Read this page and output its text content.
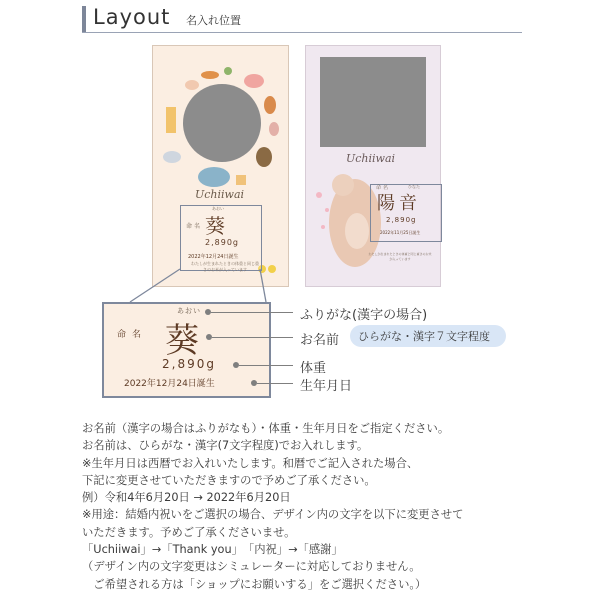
Layout 名入れ位置
Uchiiwai
あおい
命名 葵
2,890g
2022年12月24日誕生
わたしが生まれたときの体重と同じ重さのお米が入っています
Uchiiwai
命名	ひなた
陽音
2,890g
2022年11月25日誕生
わたしが生まれたときの体重と同じ重さのお米が入っています
あおい
命名 葵
2,890g
2022年12月24日誕生
ふりがな(漢字の場合)
お名前 ひらがな・漢字７文字程度
体重
生年月日
お名前（漢字の場合はふりがなも）・体重・生年月日をご指定ください。
お名前は、ひらがな・漢字(7文字程度)でお入れします。
※生年月日は西暦でお入れいたします。和暦でご記入された場合、
下記に変更させていただきますので予めご了承ください。
例）令和4年6月20日 → 2022年6月20日
※用途：結婚内祝いをご選択の場合、デザイン内の文字を以下に変更させて
いただきます。予めご了承くださいませ。
「Uchiiwai」→「Thank you」　「内祝」→「感謝」
（デザイン内の文字変更はシミュレーターに対応しておりません。
　ご希望される方は「ショップにお願いする」をご選択ください。）
